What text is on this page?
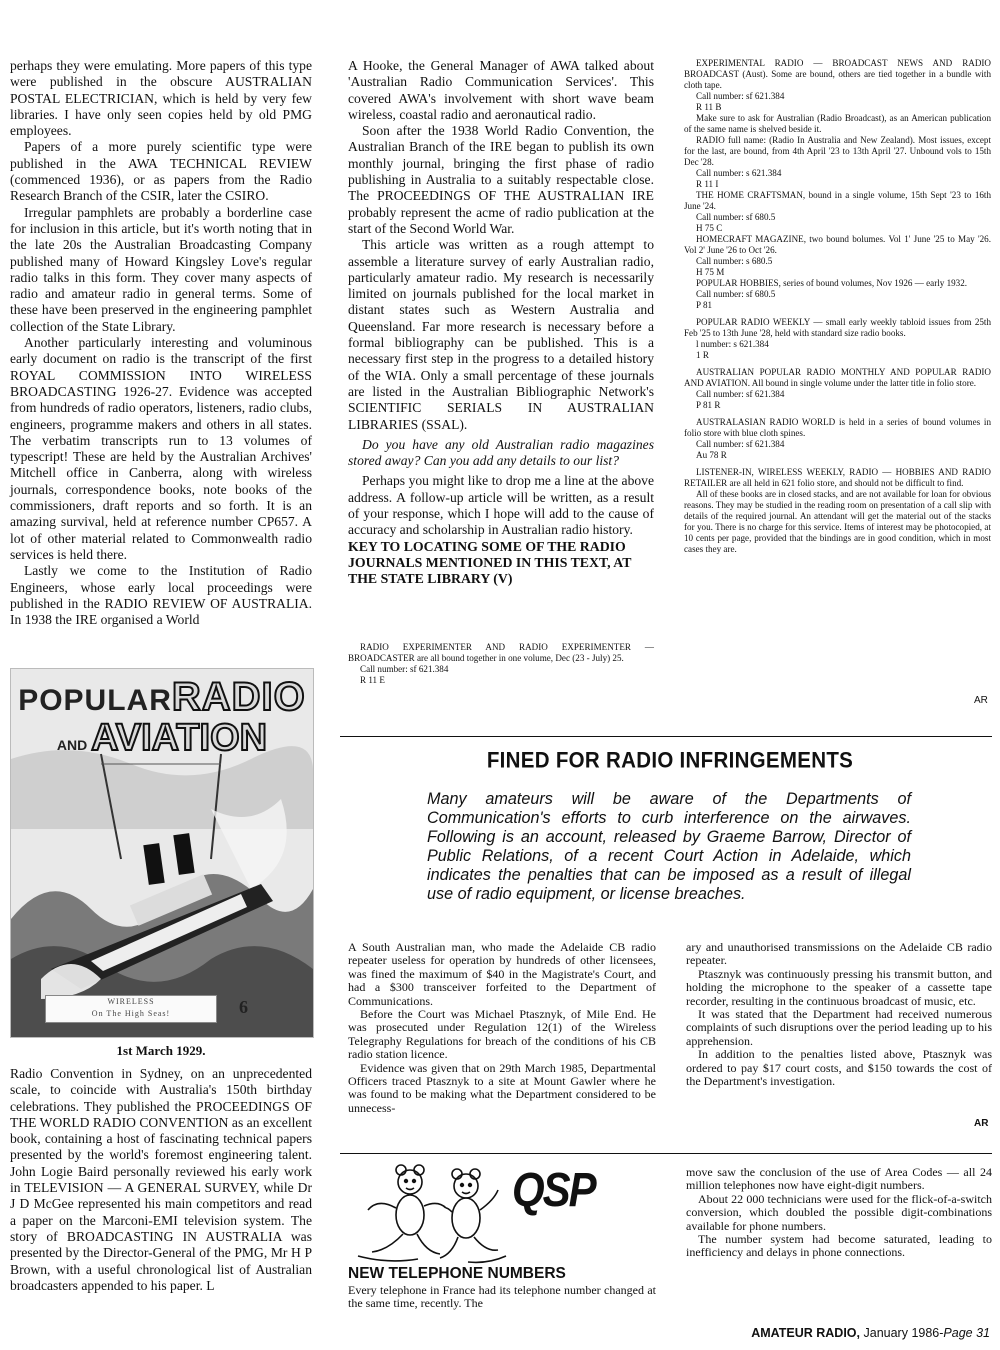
perhaps they were emulating. More papers of this type were published in the obscure AUSTRALIAN POSTAL ELECTRICIAN, which is held by very few libraries. I have only seen copies held by old PMG employees.

Papers of a more purely scientific type were published in the AWA TECHNICAL REVIEW (commenced 1936), or as papers from the Radio Research Branch of the CSIR, later the CSIRO.

Irregular pamphlets are probably a borderline case for inclusion in this article, but it's worth noting that in the late 20s the Australian Broadcasting Company published many of Howard Kingsley Love's regular radio talks in this form. They cover many aspects of radio and amateur radio in general terms. Some of these have been preserved in the engineering pamphlet collection of the State Library.

Another particularly interesting and voluminous early document on radio is the transcript of the first ROYAL COMMISSION INTO WIRELESS BROADCASTING 1926-27. Evidence was accepted from hundreds of radio operators, listeners, radio clubs, engineers, programme makers and others in all states. The verbatim transcripts run to 13 volumes of typescript! These are held by the Australian Archives' Mitchell office in Canberra, along with wireless journals, correspondence books, note books of the commissioners, draft reports and so forth. It is an amazing survival, held at reference number CP657. A lot of other material related to Commonwealth radio services is held there.

Lastly we come to the Institution of Radio Engineers, whose early local proceedings were published in the RADIO REVIEW OF AUSTRALIA. In 1938 the IRE organised a World

POPULARRADIO
AND AVIATION
WIRELESS
On The High Seas!	6
1st March 1929.

Radio Convention in Sydney, on an unprecedented scale, to coincide with Australia's 150th birthday celebrations. They published the PROCEEDINGS OF THE WORLD RADIO CONVENTION as an excellent book, containing a host of fascinating technical papers presented by the world's foremost engineering talent. John Logie Baird personally reviewed his early work in TELEVISION — A GENERAL SURVEY, while Dr J D McGee represented his main competitors and read a paper on the Marconi-EMI television system. The story of BROADCASTING IN AUSTRALIA was presented by the Director-General of the PMG, Mr H P Brown, with a useful chronological list of Australian broadcasters appended to his paper. L

A Hooke, the General Manager of AWA talked about 'Australian Radio Communication Services'. This covered AWA's involvement with short wave beam wireless, coastal radio and aeronautical radio.

Soon after the 1938 World Radio Convention, the Australian Branch of the IRE began to publish its own monthly journal, bringing the first phase of radio publishing in Australia to a suitably respectable close. The PROCEEDINGS OF THE AUSTRALIAN IRE probably represent the acme of radio publication at the start of the Second World War.

This article was written as a rough attempt to assemble a literature survey of early Australian radio, particularly amateur radio. My research is necessarily limited on journals published for the local market in distant states such as Western Australia and Queensland. Far more research is necessary before a formal bibliography can be published. This is a necessary first step in the progress to a detailed history of the WIA. Only a small percentage of these journals are listed in the Australian Bibliographic Network's SCIENTIFIC SERIALS IN AUSTRALIAN LIBRARIES (SSAL).

Do you have any old Australian radio magazines stored away? Can you add any details to our list?

Perhaps you might like to drop me a line at the above address. A follow-up article will be written, as a result of your response, which I hope will add to the cause of accuracy and scholarship in Australian radio history.

KEY TO LOCATING SOME OF THE RADIO JOURNALS MENTIONED IN THIS TEXT, AT THE STATE LIBRARY (V)

RADIO EXPERIMENTER AND RADIO EXPERIMENTER — BROADCASTER are all bound together in one volume, Dec (23 - July) 25.

Call number: sf 621.384

R 11 E

EXPERIMENTAL RADIO — BROADCAST NEWS AND RADIO BROADCAST (Aust). Some are bound, others are tied together in a bundle with cloth tape.

Call number: sf 621.384

R 11 B

Make sure to ask for Australian (Radio Broadcast), as an American publication of the same name is shelved beside it.

RADIO full name: (Radio In Australia and New Zealand). Most issues, except for the last, are bound, from 4th April '23 to 13th April '27. Unbound vols to 15th Dec '28.

Call number: s 621.384

R 11 I

THE HOME CRAFTSMAN, bound in a single volume, 15th Sept '23 to 16th June '24.

Call number: sf 680.5

H 75 C

HOMECRAFT MAGAZINE, two bound bolumes. Vol 1' June '25 to May '26. Vol 2' June '26 to Oct '26.

Call number: s 680.5

H 75 M

POPULAR HOBBIES, series of bound volumes, Nov 1926 — early 1932.

Call number: sf 680.5

P 81

POPULAR RADIO WEEKLY — small early weekly tabloid issues from 25th Feb '25 to 13th June '28, held with standard size radio books.

l number: s 621.384

1 R

AUSTRALIAN POPULAR RADIO MONTHLY AND POPULAR RADIO AND AVIATION. All bound in single volume under the latter title in folio store.

Call number: sf 621.384

P 81 R

AUSTRALASIAN RADIO WORLD is held in a series of bound volumes in folio store with blue cloth spines.

Call number: sf 621.384

Au 78 R

LISTENER-IN, WIRELESS WEEKLY, RADIO — HOBBIES AND RADIO RETAILER are all held in 621 folio store, and should not be difficult to find.

All of these books are in closed stacks, and are not available for loan for obvious reasons. They may be studied in the reading room on presentation of a call slip with details of the required journal. An attendant will get the material out of the stacks for you. There is no charge for this service. Items of interest may be photocopied, at 10 cents per page, provided that the bindings are in good condition, which in most cases they are.

AR
FINED FOR RADIO INFRINGEMENTS

Many amateurs will be aware of the Departments of Communication's efforts to curb interference on the airwaves. Following is an account, released by Graeme Barrow, Director of Public Relations, of a recent Court Action in Adelaide, which indicates the penalties that can be imposed as a result of illegal use of radio equipment, or license breaches.

A South Australian man, who made the Adelaide CB radio repeater useless for operation by hundreds of other licensees, was fined the maximum of $40 in the Magistrate's Court, and had a $300 transceiver forfeited to the Department of Communications.

Before the Court was Michael Ptasznyk, of Mile End. He was prosecuted under Regulation 12(1) of the Wireless Telegraphy Regulations for breach of the conditions of his CB radio station licence.

Evidence was given that on 29th March 1985, Departmental Officers traced Ptasznyk to a site at Mount Gawler where he was found to be making what the Department considered to be unnecess-

ary and unauthorised transmissions on the Adelaide CB radio repeater.

Ptasznyk was continuously pressing his transmit button, and holding the microphone to the speaker of a cassette tape recorder, resulting in the continuous broadcast of music, etc.

It was stated that the Department had received numerous complaints of such disruptions over the period leading up to his apprehension.

In addition to the penalties listed above, Ptasznyk was ordered to pay $17 court costs, and $150 towards the cost of the Department's investigation.

AR
QSP
NEW TELEPHONE NUMBERS

Every telephone in France had its telephone number changed at the same time, recently. The

move saw the conclusion of the use of Area Codes — all 24 million telephones now have eight-digit numbers.

About 22 000 technicians were used for the flick-of-a-switch conversion, which doubled the possible digit-combinations available for phone numbers.

The number system had become saturated, leading to inefficiency and delays in phone connections.

AMATEUR RADIO, January 1986-Page 31
